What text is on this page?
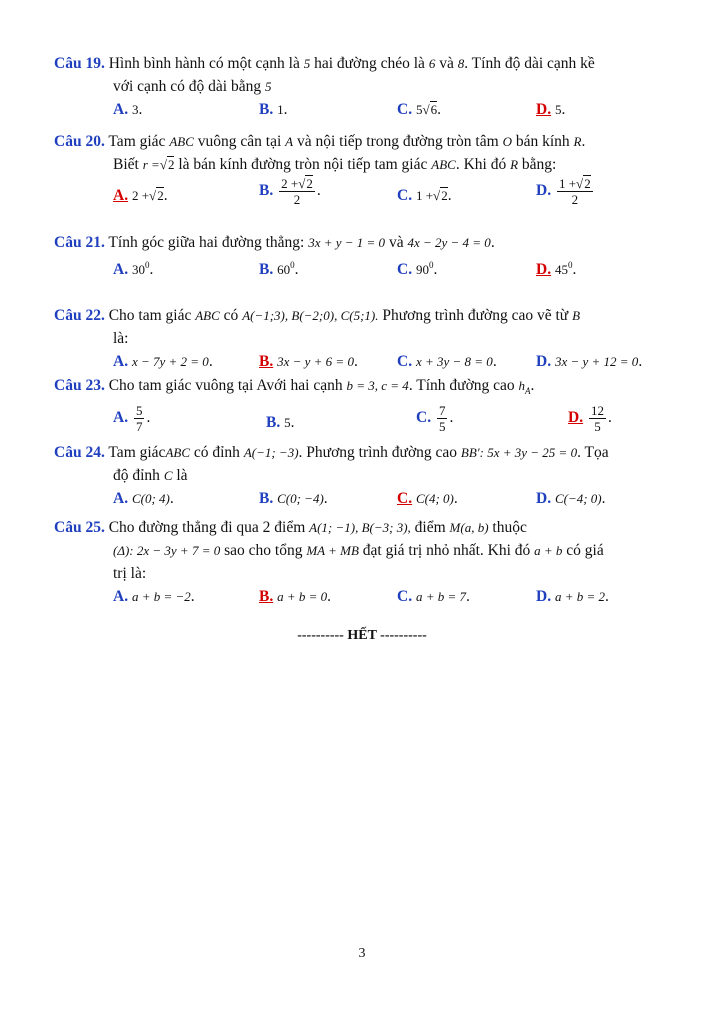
Câu 19. Hình bình hành có một cạnh là 5 hai đường chéo là 6 và 8. Tính độ dài cạnh kề
với cạnh có độ dài bằng 5
A. 3.	B. 1.	C. 5√6.	D. 5.
Câu 20. Tam giác ABC vuông cân tại A và nội tiếp trong đường tròn tâm O bán kính R.
Biết r =√2 là bán kính đường tròn nội tiếp tam giác ABC. Khi đó R bằng:
A. 2 +√2.	B. $\frac{2 +√2}{2}$ .	C. 1 +√2.	D. $\frac{1 +√2}{2}$
Câu 21. Tính góc giữa hai đường thẳng: 3x + y − 1 = 0 và 4x − 2y − 4 = 0.
A. $30^0$.	B. $60^0$.	C. $90^0$.	D. $45^0$.
Câu 22. Cho tam giác ABC có A(−1;3), B(−2;0), C(5;1). Phương trình đường cao vẽ từ B
là:
A. x − 7y + 2 = 0.	B. 3x − y + 6 = 0.	C. x + 3y − 8 = 0.	D. 3x − y + 12 = 0.
Câu 23. Cho tam giác vuông tại Avới hai cạnh b = 3, c = 4. Tính đường cao $h_A$.
A. $\frac{5}{7}$ .	B. 5.	C. $\frac{7}{5}$ .	D. $\frac{12}{5}$ .
Câu 24. Tam giácABC có đỉnh A(−1; −3). Phương trình đường cao BB′: 5x + 3y − 25 = 0. Tọa
độ đỉnh C là
A. C(0; 4).	B. C(0; −4).	C. C(4; 0).	D. C(−4; 0).
Câu 25. Cho đường thẳng đi qua 2 điểm A(1; −1), B(−3; 3), điểm M(a, b) thuộc
(Δ): 2x − 3y + 7 = 0 sao cho tổng MA + MB đạt giá trị nhỏ nhất. Khi đó a + b có giá
trị là:
A. a + b = −2.	B. a + b = 0.	C. a + b = 7.	D. a + b = 2.
---------- HẾT ----------
3
